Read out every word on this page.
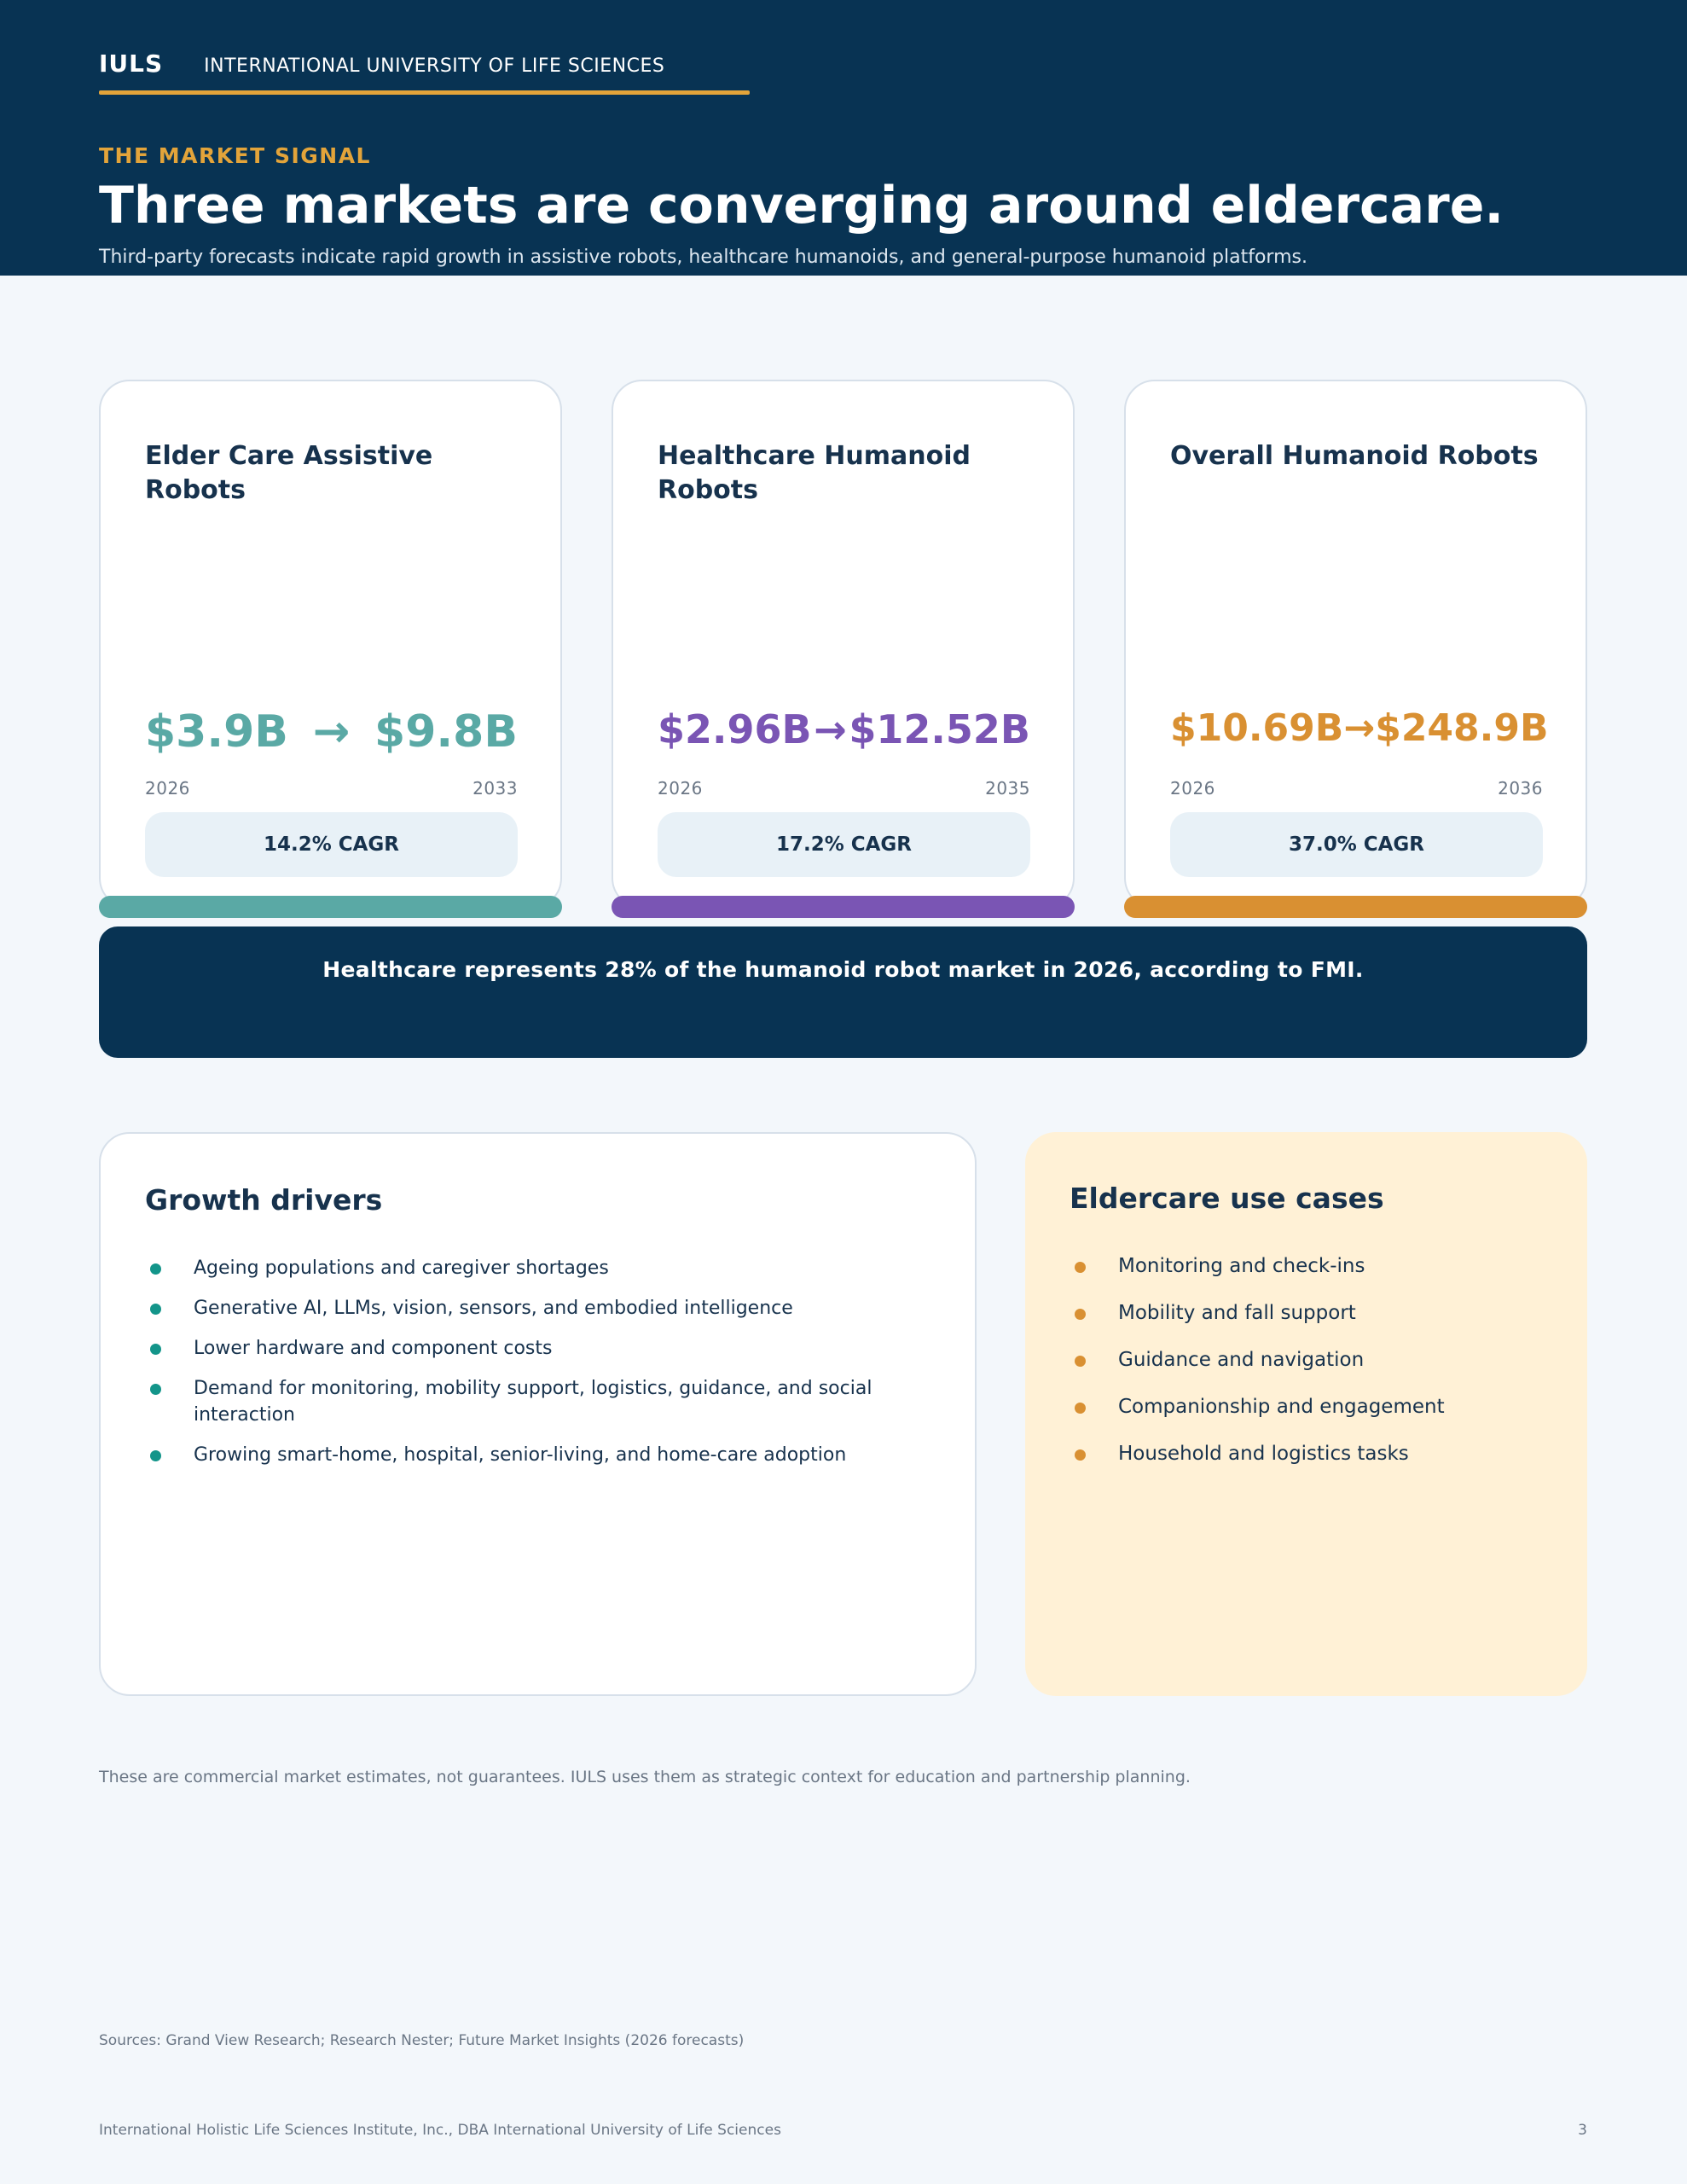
IULS INTERNATIONAL UNIVERSITY OF LIFE SCIENCES
THE MARKET SIGNAL
Three markets are converging around eldercare.
Third-party forecasts indicate rapid growth in assistive robots, healthcare humanoids, and general-purpose humanoid platforms.
Elder Care Assistive Robots
$3.9B → $9.8B
2026	2033
14.2% CAGR
Healthcare Humanoid Robots
$2.96B → $12.52B
2026	2035
17.2% CAGR
Overall Humanoid Robots
$10.69B → $248.9B
2026	2036
37.0% CAGR
Healthcare represents 28% of the humanoid robot market in 2026, according to FMI.
Growth drivers
Ageing populations and caregiver shortages
Generative AI, LLMs, vision, sensors, and embodied intelligence
Lower hardware and component costs
Demand for monitoring, mobility support, logistics, guidance, and social interaction
Growing smart-home, hospital, senior-living, and home-care adoption
Eldercare use cases
Monitoring and check-ins
Mobility and fall support
Guidance and navigation
Companionship and engagement
Household and logistics tasks
These are commercial market estimates, not guarantees. IULS uses them as strategic context for education and partnership planning.
Sources: Grand View Research; Research Nester; Future Market Insights (2026 forecasts)
International Holistic Life Sciences Institute, Inc., DBA International University of Life Sciences	3
